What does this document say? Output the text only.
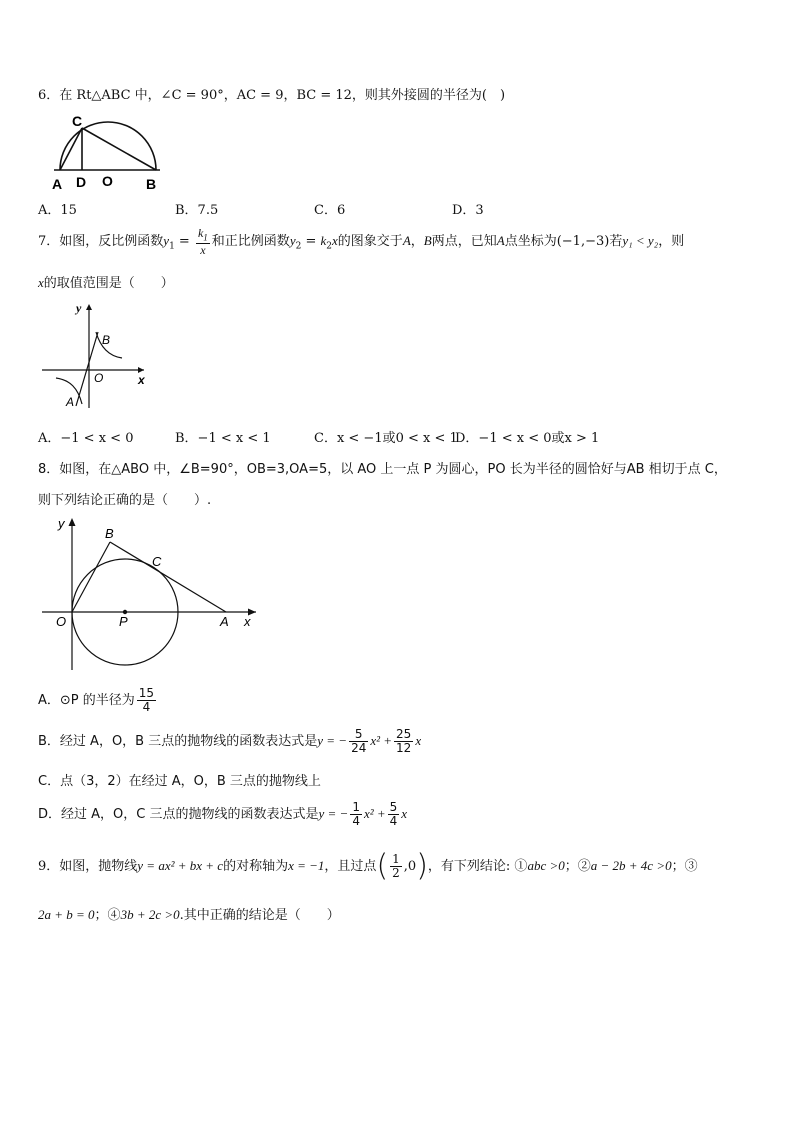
6．在 Rt△ABC 中，∠C = 90°，AC = 9，BC = 12，则其外接圆的半径为(　)
C
A D O B
A．15	B．7.5	C．6	D．3
7．如图，反比例函数$y_1 = \frac{k_1}{x}$ 和正比例函数$y_2 = k_2x$的图象交于A，B两点，已知A点坐标为(−1,−3)若y₁ < y₂，则
x的取值范围是（　　）
y
B
O	x
A
A．−1 < x < 0	B．−1 < x < 1	C．x < −1或0 < x < 1
D．−1 < x < 0或x > 1
8．如图，在△ABO 中，∠B=90°，OB=3,OA=5，以 AO 上一点 P 为圆心，PO 长为半径的圆恰好与AB 相切于点 C，
则下列结论正确的是（　　）.
y
B
C
O	P	A x
A．⊙P 的半径为 $\frac{15}{4}$
B．经过 A，O，B 三点的抛物线的函数表达式是y = − $\frac{5}{24} x^2 + \frac{25}{12}$ x
C．点（3，2）在经过 A，O，B 三点的抛物线上
D．经过 A，O，C 三点的抛物线的函数表达式是y = − $\frac{1}{4} x^2 + \frac{5}{4}$ x
9．如图，抛物线y = ax² + bx + c的对称轴为x = −1，且过点( $\frac{1}{2} ,0$)，有下列结论: ①abc >0；②a − 2b + 4c >0；③
2a + b = 0；④3b + 2c >0.其中正确的结论是（　　）
